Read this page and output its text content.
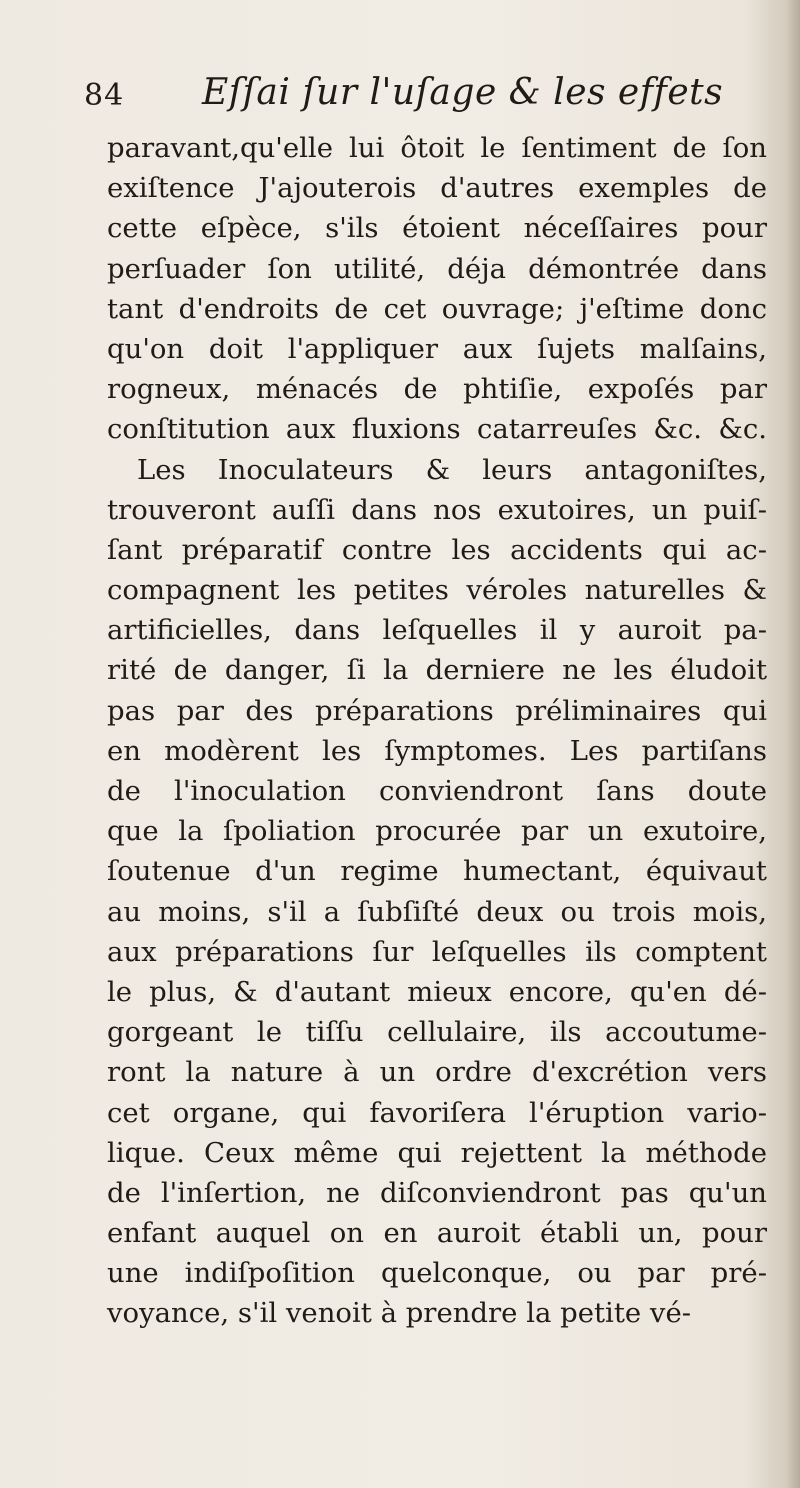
84 Eſſai ſur l'uſage & les effets
paravant,qu'elle lui ôtoit le ſentiment de ſon
exiſtence J'ajouterois d'autres exemples de
cette eſpèce, s'ils étoient néceſſaires pour
perſuader ſon utilité, déja démontrée dans
tant d'endroits de cet ouvrage; j'eſtime donc
qu'on doit l'appliquer aux ſujets malſains,
rogneux, ménacés de phtiſie, expoſés par
conſtitution aux fluxions catarreuſes &c. &c.
Les Inoculateurs & leurs antagoniſtes,
trouveront auſſi dans nos exutoires, un puiſ-
ſant préparatif contre les accidents qui ac-
compagnent les petites véroles naturelles &
artificielles, dans leſquelles il y auroit pa-
rité de danger, ſi la derniere ne les éludoit
pas par des préparations préliminaires qui
en modèrent les ſymptomes. Les partiſans
de l'inoculation conviendront ſans doute
que la ſpoliation procurée par un exutoire,
ſoutenue d'un regime humectant, équivaut
au moins, s'il a ſubſiſté deux ou trois mois,
aux préparations ſur leſquelles ils comptent
le plus, & d'autant mieux encore, qu'en dé-
gorgeant le tiſſu cellulaire, ils accoutume-
ront la nature à un ordre d'excrétion vers
cet organe, qui favoriſera l'éruption vario-
lique. Ceux même qui rejettent la méthode
de l'inſertion, ne diſconviendront pas qu'un
enfant auquel on en auroit établi un, pour
une indiſpoſition quelconque, ou par pré-
voyance, s'il venoit à prendre la petite vé-
